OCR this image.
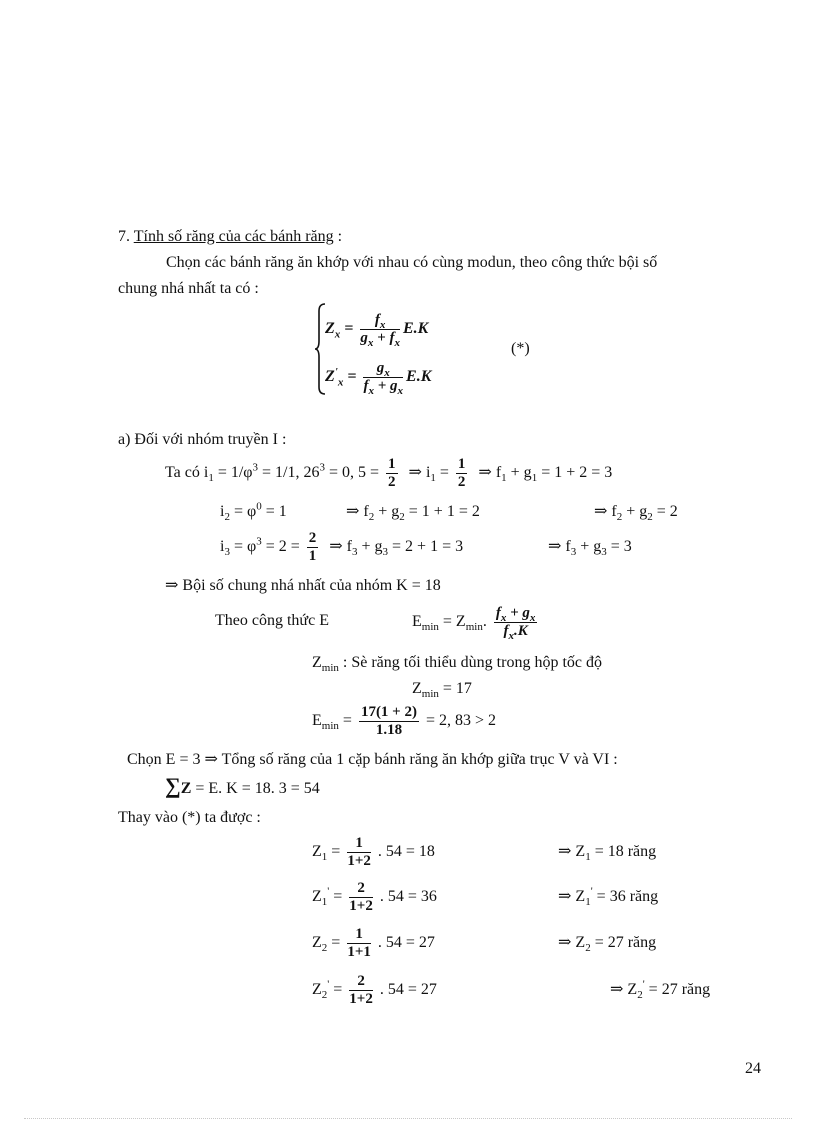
7. Tính số răng của các bánh răng :
Chọn các bánh răng ăn khớp với nhau có cùng modun, theo công thức bội số
chung nhá nhất ta có :
$Z_x = \frac{f_x}{g_x + f_x} E.K$
$Z'_x = \frac{g_x}{f_x + g_x} E.K$
(*)
a) Đối với nhóm truyền I :
Ta có $i_1 = 1/\varphi^3 = 1/1$, $26^3 = 0$, $5 = \frac{1}{2}$ ⇒ $i_1 = \frac{1}{2}$ ⇒ $f_1 + g_1 = 1 + 2 = 3$
$i_2 = \varphi^0 = 1$	⇒ $f_2 + g_2 = 1 + 1 = 2$	⇒ $f_2 + g_2 = 2$
$i_3 = \varphi^3 = 2 = \frac{2}{1}$ ⇒ $f_3 + g_3 = 2 + 1 = 3$	⇒ $f_3 + g_3 = 3$
⇒ Bội số chung nhá nhất của nhóm K = 18
Theo công thức E	$E_{min} = Z_{min}$. $\frac{f_x + g_x}{f_x.K}$
$Z_{min}$ : Sè răng tối thiểu dùng trong hộp tốc độ
$Z_{min} = 17$
$E_{min} = \frac{17(1 + 2)}{1.18} = 2$, 83 > 2
Chọn E = 3 ⇒ Tổng số răng của 1 cặp bánh răng ăn khớp giữa trục V và VI :
∑Z = E. K = 18. 3 = 54
Thay vào (*) ta được :
$Z_1 = \frac{1}{1+2}$ . 54 = 18	⇒ $Z_1 = 18$ răng
$Z_1' = \frac{2}{1+2}$ . 54 = 36	⇒ $Z_1' = 36$ răng
$Z_2 = \frac{1}{1+1}$ . 54 = 27	⇒ $Z_2 = 27$ răng
$Z_2' = \frac{2}{1+2}$ . 54 = 27	⇒ $Z_2' = 27$ răng
24
